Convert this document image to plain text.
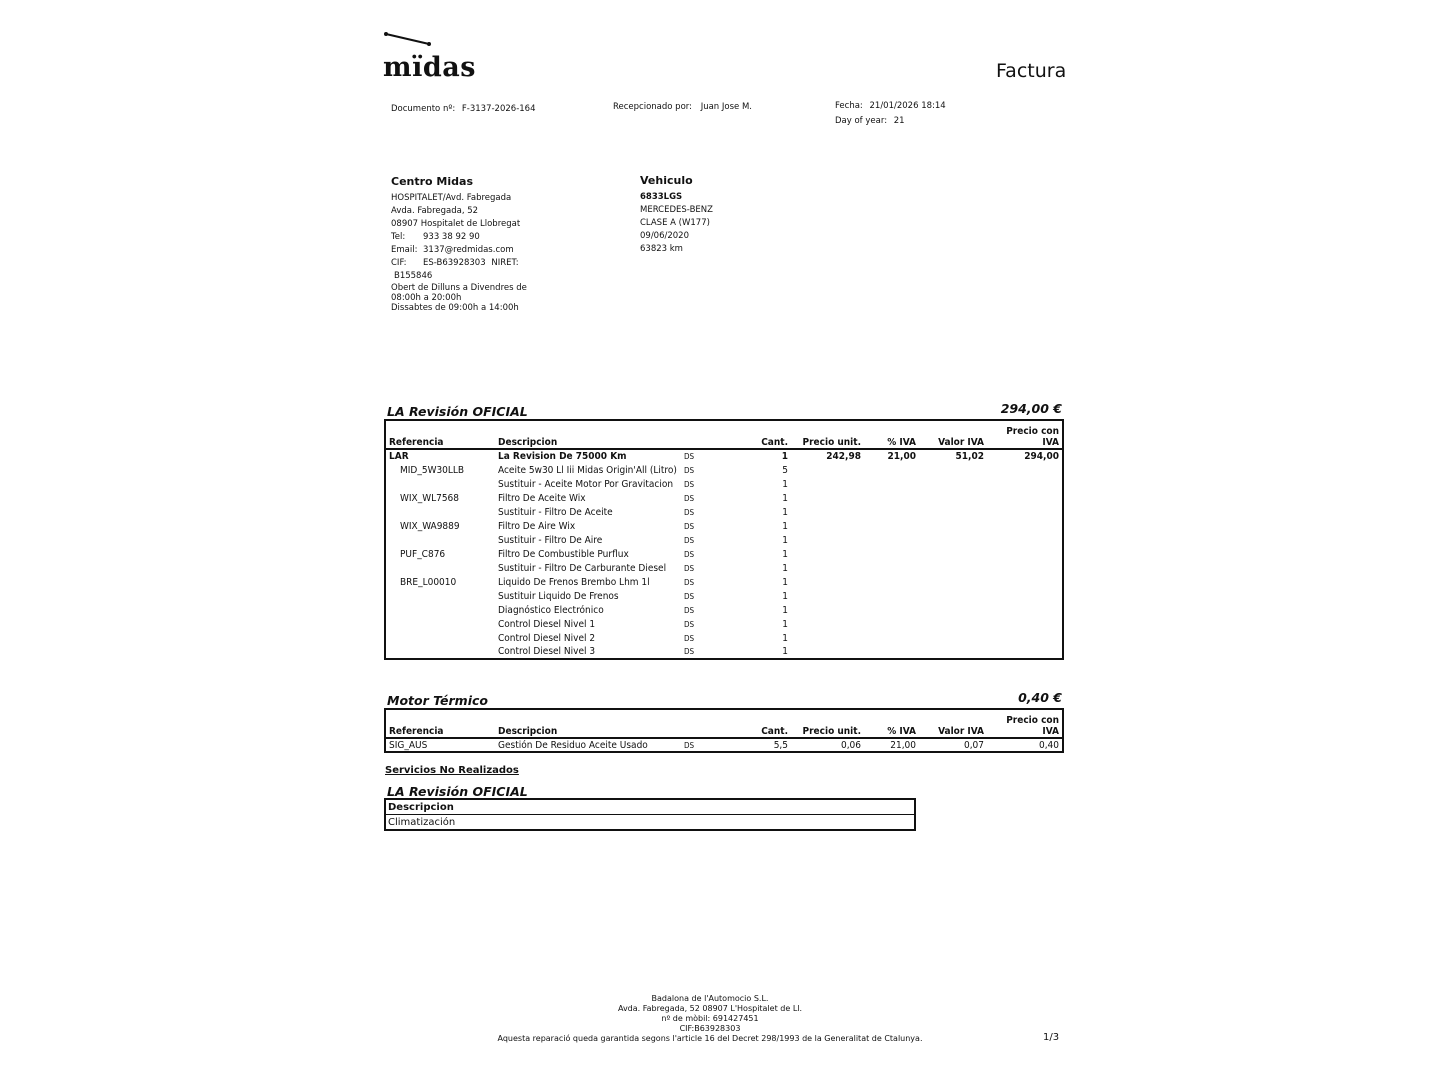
mïdas	Factura
Documento nº: F-3137-2026-164	Recepcionado por: Juan Jose M.	Fecha: 21/01/2026 18:14
Day of year: 21
Centro Midas
HOSPITALET/Avd. Fabregada
Avda. Fabregada, 52
08907 Hospitalet de Llobregat
Tel: 933 38 92 90
Email: 3137@redmidas.com
CIF: ES-B63928303 NIRET: B155846
Obert de Dilluns a Divendres de 08:00h a 20:00h
Dissabtes de 09:00h a 14:00h
Vehiculo
6833LGS
MERCEDES-BENZ
CLASE A (W177)
09/06/2020
63823 km
LA Revisión OFICIAL	294,00 €
Referencia	Descripcion		Cant.	Precio unit.	% IVA	Valor IVA	Precio con IVA
LAR	La Revision De 75000 Km	DS	1	242,98	21,00	51,02	294,00
MID_5W30LLB	Aceite 5w30 Ll Iii Midas Origin'All (Litro)	DS	5				
	Sustituir - Aceite Motor Por Gravitacion	DS	1				
WIX_WL7568	Filtro De Aceite Wix	DS	1				
	Sustituir - Filtro De Aceite	DS	1				
WIX_WA9889	Filtro De Aire Wix	DS	1				
	Sustituir - Filtro De Aire	DS	1				
PUF_C876	Filtro De Combustible Purflux	DS	1				
	Sustituir - Filtro De Carburante Diesel	DS	1				
BRE_L00010	Liquido De Frenos Brembo Lhm 1l	DS	1				
	Sustituir Liquido De Frenos	DS	1				
	Diagnóstico Electrónico	DS	1				
	Control Diesel Nivel 1	DS	1				
	Control Diesel Nivel 2	DS	1				
	Control Diesel Nivel 3	DS	1				
Motor Térmico	0,40 €
Referencia	Descripcion		Cant.	Precio unit.	% IVA	Valor IVA	Precio con IVA
SIG_AUS	Gestión De Residuo Aceite Usado	DS	5,5	0,06	21,00	0,07	0,40
Servicios No Realizados
LA Revisión OFICIAL
Descripcion
Climatización
Badalona de l'Automocio S.L.
Avda. Fabregada, 52 08907 L'Hospitalet de Ll.
nº de mòbil: 691427451
CIF:B63928303
Aquesta reparació queda garantida segons l'article 16 del Decret 298/1993 de la Generalitat de Ctalunya.	1/3
